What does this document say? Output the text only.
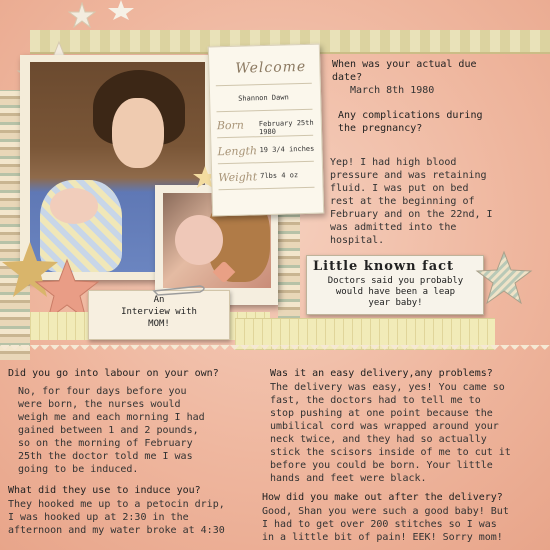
Welcome
Shannon Dawn
Born February 25th 1980
Length 19 3/4 inches
Weight 7lbs 4 oz
When was your actual due
date?
March 8th 1980
Any complications during
the pregnancy?
Yep! I had high blood
pressure and was retaining
fluid. I was put on bed
rest at the beginning of
February and on the 22nd, I
was admitted into the
hospital.
Little known fact
Doctors said you probably
would have been a leap
year baby!
An
Interview with
MOM!
Did you go into labour on your own?
No, for four days before you
were born, the nurses would
weigh me and each morning I had
gained between 1 and 2 pounds,
so on the morning of February
25th the doctor told me I was
going to be induced.
What did they use to induce you?
They hooked me up to a petocin drip,
I was hooked up at 2:30 in the
afternoon and my water broke at 4:30
Was it an easy delivery,any problems?
The delivery was easy, yes! You came so
fast, the doctors had to tell me to
stop pushing at one point because the
umbilical cord was wrapped around your
neck twice, and they had so actually
stick the scisors inside of me to cut it
before you could be born. Your little
hands and feet were black.
How did you make out after the delivery?
Good, Shan you were such a good baby! But
I had to get over 200 stitches so I was
in a little bit of pain! EEK! Sorry mom!
